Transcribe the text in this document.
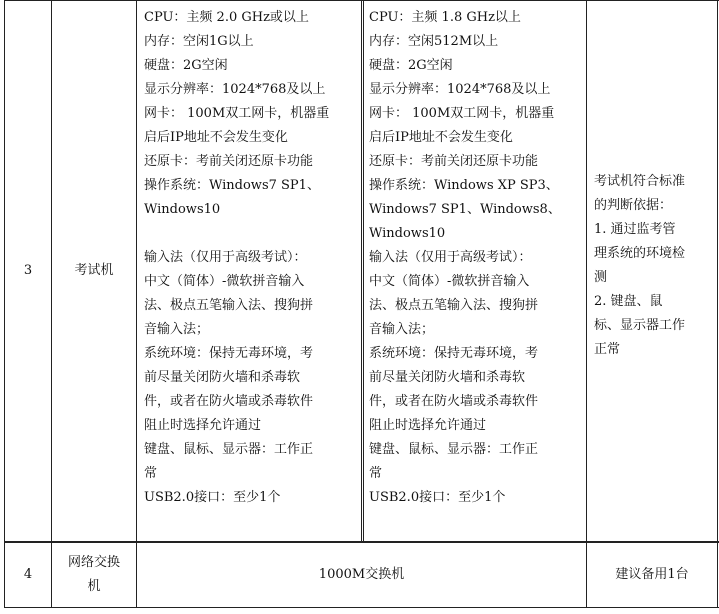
3	考试机
CPU：主频 2.0 GHz或以上
内存：空闲1G以上
硬盘：2G空闲
显示分辨率：1024*768及以上
网卡： 100M双工网卡，机器重
启后IP地址不会发生变化
还原卡：考前关闭还原卡功能
操作系统：Windows7 SP1、
Windows10

输入法（仅用于高级考试）：
中文（简体）-微软拼音输入
法、极点五笔输入法、搜狗拼
音输入法；
系统环境：保持无毒环境，考
前尽量关闭防火墙和杀毒软
件，或者在防火墙或杀毒软件
阻止时选择允许通过
键盘、鼠标、显示器：工作正
常
USB2.0接口：至少1个
CPU：主频 1.8 GHz以上
内存：空闲512M以上
硬盘：2G空闲
显示分辨率：1024*768及以上
网卡： 100M双工网卡，机器重
启后IP地址不会发生变化
还原卡：考前关闭还原卡功能
操作系统：Windows XP SP3、
Windows7 SP1、Windows8、
Windows10
输入法（仅用于高级考试）：
中文（简体）-微软拼音输入
法、极点五笔输入法、搜狗拼
音输入法；
系统环境：保持无毒环境，考
前尽量关闭防火墙和杀毒软
件，或者在防火墙或杀毒软件
阻止时选择允许通过
键盘、鼠标、显示器：工作正
常
USB2.0接口：至少1个
考试机符合标准
的判断依据：
1. 通过监考管
理系统的环境检
测
2. 键盘、鼠
标、显示器工作
正常
4
网络交换
机
1000M交换机	建议备用1台
